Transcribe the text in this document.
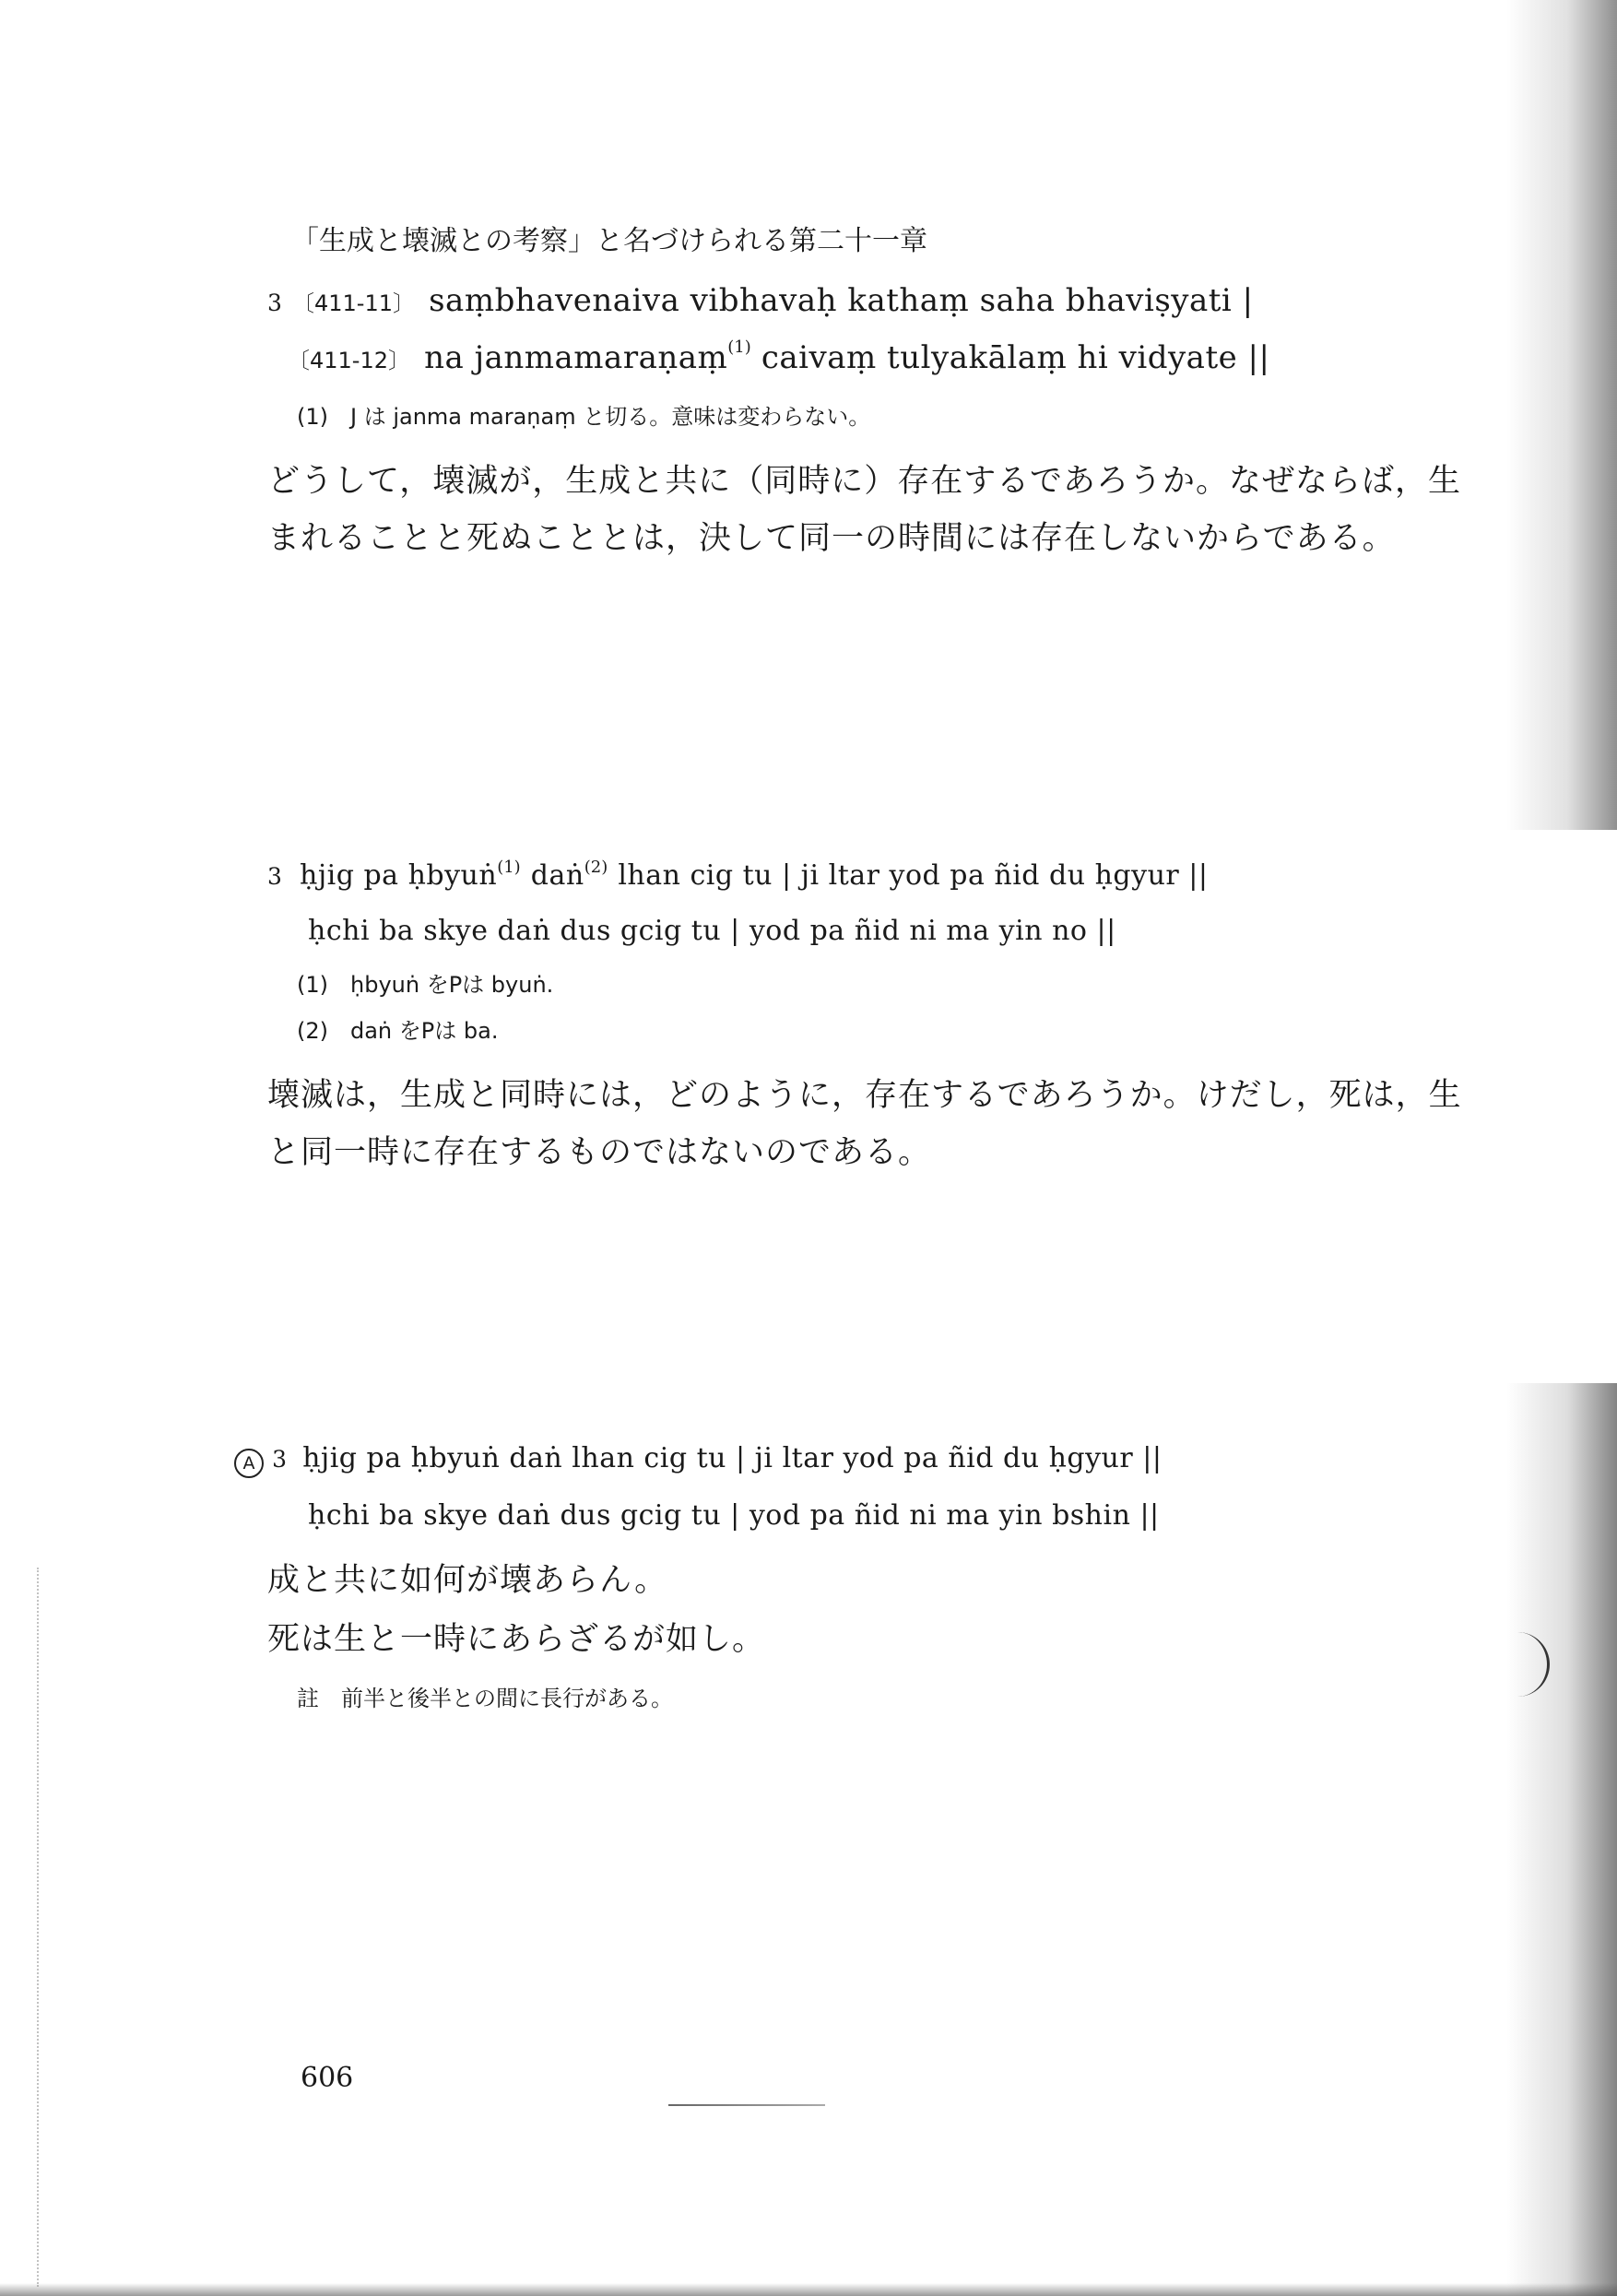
「生成と壊滅との考察」と名づけられる第二十一章
3 〔411-11〕 saṃbhavenaiva vibhavaḥ kathaṃ saha bhaviṣyati |
〔411-12〕 na janmamaraṇaṃ(1) caivaṃ tulyakālaṃ hi vidyate ||
(1)　J は janma maraṇaṃ と切る。意味は変わらない。
どうして，壊滅が，生成と共に（同時に）存在するであろうか。なぜならば，生
まれることと死ぬこととは，決して同一の時間には存在しないからである。
3 ḥjig pa ḥbyuṅ(1) daṅ(2) lhan cig tu | ji ltar yod pa ñid du ḥgyur ||
ḥchi ba skye daṅ dus gcig tu | yod pa ñid ni ma yin no ||
(1)　ḥbyuṅ をPは byuṅ.
(2)　daṅ をPは ba.
壊滅は，生成と同時には，どのように，存在するであろうか。けだし，死は，生
と同一時に存在するものではないのである。
A 3 ḥjig pa ḥbyuṅ daṅ lhan cig tu | ji ltar yod pa ñid du ḥgyur ||
ḥchi ba skye daṅ dus gcig tu | yod pa ñid ni ma yin bshin ||
成と共に如何が壊あらん。
死は生と一時にあらざるが如し。
註　前半と後半との間に長行がある。
606
